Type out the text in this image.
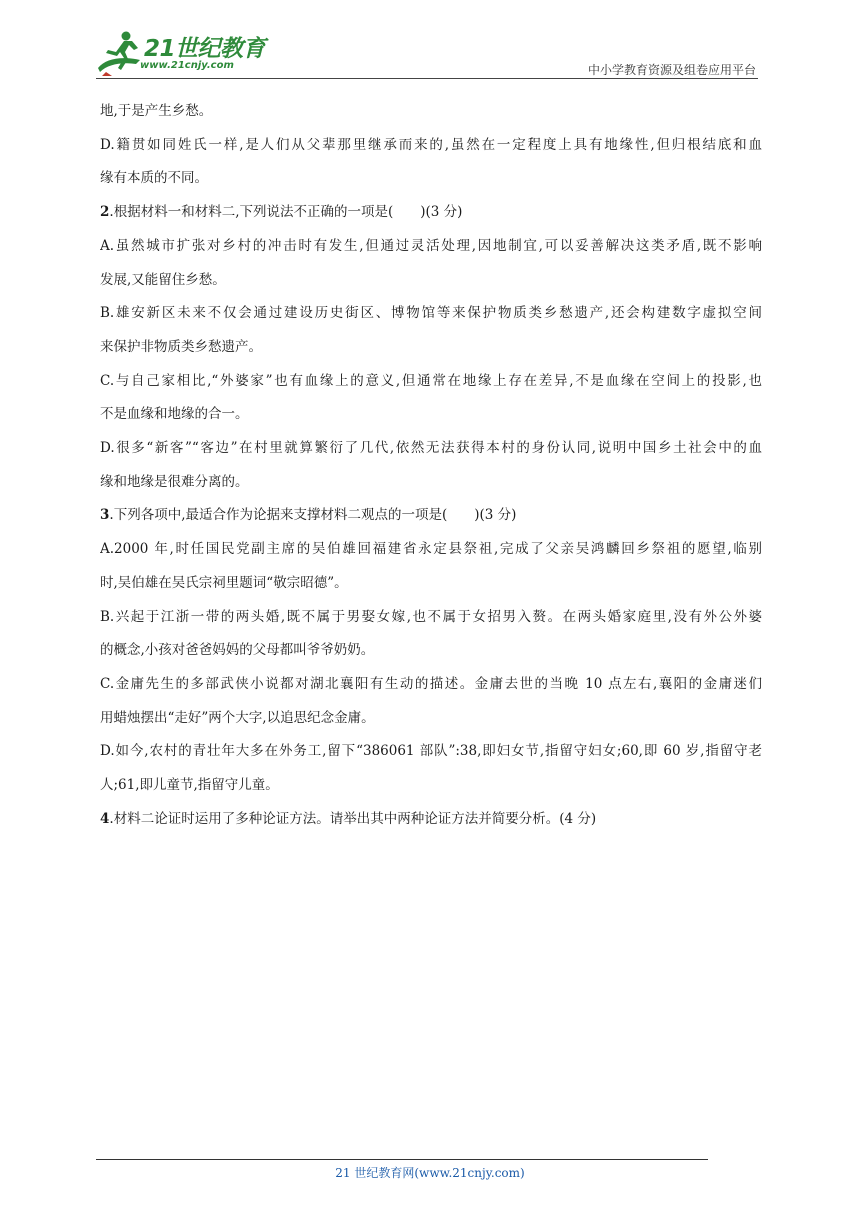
21世纪教育
www.21cnjy.com	中小学教育资源及组卷应用平台
地,于是产生乡愁。
D.籍贯如同姓氏一样,是人们从父辈那里继承而来的,虽然在一定程度上具有地缘性,但归根结底和血
缘有本质的不同。
2.根据材料一和材料二,下列说法不正确的一项是(　　)(3 分)
A.虽然城市扩张对乡村的冲击时有发生,但通过灵活处理,因地制宜,可以妥善解决这类矛盾,既不影响
发展,又能留住乡愁。
B.雄安新区未来不仅会通过建设历史街区、博物馆等来保护物质类乡愁遗产,还会构建数字虚拟空间
来保护非物质类乡愁遗产。
C.与自己家相比,“外婆家”也有血缘上的意义,但通常在地缘上存在差异,不是血缘在空间上的投影,也
不是血缘和地缘的合一。
D.很多“新客”“客边”在村里就算繁衍了几代,依然无法获得本村的身份认同,说明中国乡土社会中的血
缘和地缘是很难分离的。
3.下列各项中,最适合作为论据来支撑材料二观点的一项是(　　)(3 分)
A.2000 年,时任国民党副主席的吴伯雄回福建省永定县祭祖,完成了父亲吴鸿麟回乡祭祖的愿望,临别
时,吴伯雄在吴氏宗祠里题词“敬宗昭德”。
B.兴起于江浙一带的两头婚,既不属于男娶女嫁,也不属于女招男入赘。在两头婚家庭里,没有外公外婆
的概念,小孩对爸爸妈妈的父母都叫爷爷奶奶。
C.金庸先生的多部武侠小说都对湖北襄阳有生动的描述。金庸去世的当晚 10 点左右,襄阳的金庸迷们
用蜡烛摆出“走好”两个大字,以追思纪念金庸。
D.如今,农村的青壮年大多在外务工,留下“386061 部队”:38,即妇女节,指留守妇女;60,即 60 岁,指留守老
人;61,即儿童节,指留守儿童。
4.材料二论证时运用了多种论证方法。请举出其中两种论证方法并简要分析。(4 分)
21 世纪教育网(www.21cnjy.com)
